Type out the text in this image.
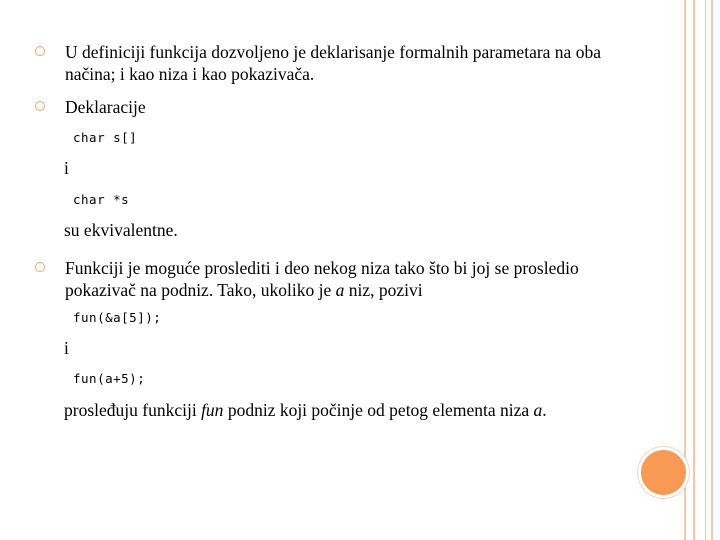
U definiciji funkcija dozvoljeno je deklarisanje formalnih parametara na oba načina; i kao niza i kao pokazivača.
Deklaracije
char s[]
i
char *s
su ekvivalentne.
Funkciji je moguće proslediti i deo nekog niza tako što bi joj se prosledio pokazivač na podniz. Tako, ukoliko je a niz, pozivi
fun(&a[5]);
i
fun(a+5);
prosleđuju funkciji fun podniz koji počinje od petog elementa niza a.
